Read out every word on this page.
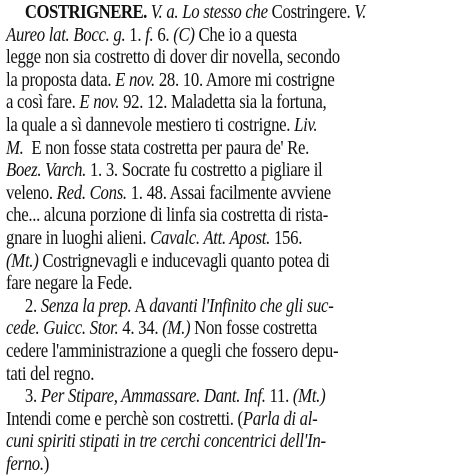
COSTRIGNERE. V. a. Lo stesso che Costringere. V.
Aureo lat. Bocc. g. 1. f. 6. (C) Che io a questa
legge non sia costretto di dover dir novella, secondo
la proposta data. E nov. 28. 10. Amore mi costrigne
a così fare. E nov. 92. 12. Maladetta sia la fortuna,
la quale a sì dannevole mestiero ti costrigne. Liv.
M.  E non fosse stata costretta per paura de' Re.
Boez. Varch. 1. 3. Socrate fu costretto a pigliare il
veleno. Red. Cons. 1. 48. Assai facilmente avviene
che... alcuna porzione di linfa sia costretta di rista-
gnare in luoghi alieni. Cavalc. Att. Apost. 156.
(Mt.) Costrignevagli e inducevagli quanto potea di
fare negare la Fede.
2. Senza la prep. A davanti l'Infinito che gli suc-
cede. Guicc. Stor. 4. 34. (M.) Non fosse costretta
cedere l'amministrazione a quegli che fossero depu-
tati del regno.
3. Per Stipare, Ammassare. Dant. Inf. 11. (Mt.)
Intendi come e perchè son costretti. (Parla di al-
cuni spiriti stipati in tre cerchi concentrici dell'In-
ferno.)
